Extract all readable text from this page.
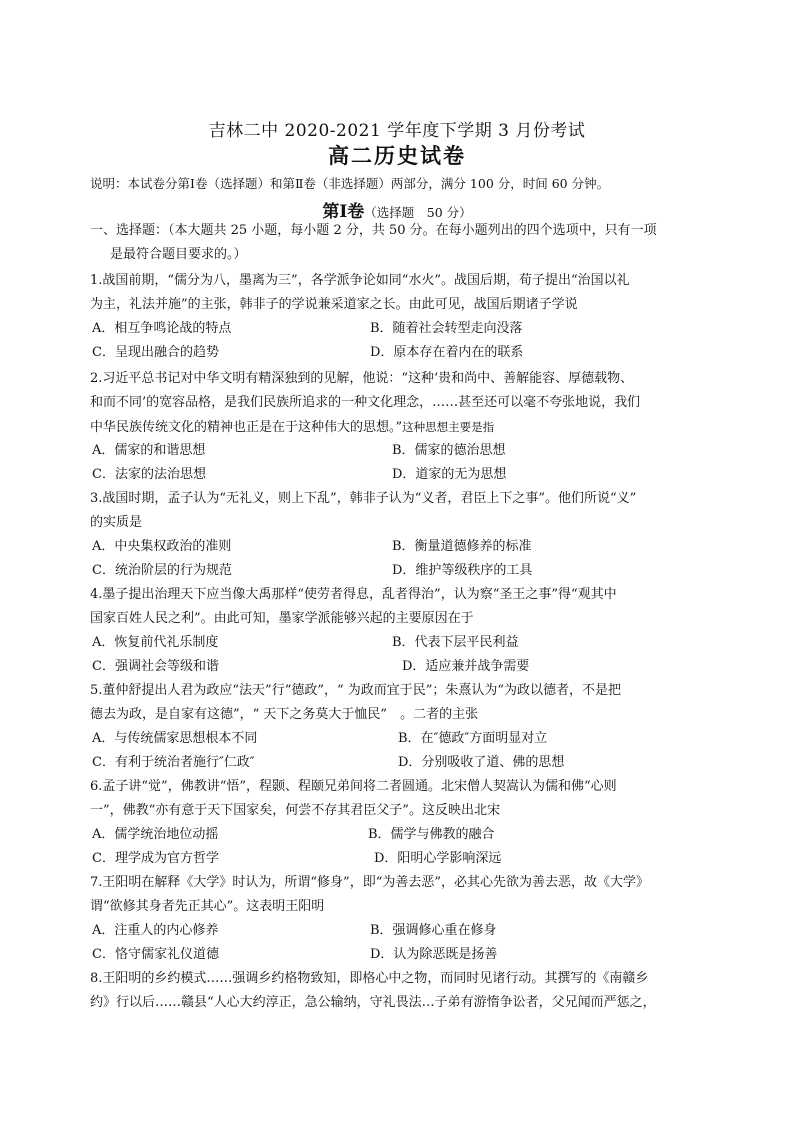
吉林二中 2020-2021 学年度下学期 3 月份考试
高二历史试卷
说明：本试卷分第Ⅰ卷（选择题）和第Ⅱ卷（非选择题）两部分，满分 100 分，时间 60 分钟。
第Ⅰ卷（选择题　50 分）
一、选择题：（本大题共 25 小题，每小题 2 分，共 50 分。在每小题列出的四个选项中，只有一项
是最符合题目要求的。）
1.战国前期，“儒分为八，墨离为三”，各学派争论如同“水火”。战国后期，荀子提出“治国以礼
为主，礼法并施”的主张，韩非子的学说兼采道家之长。由此可见，战国后期诸子学说
A．相互争鸣论战的特点	B．随着社会转型走向没落
C．呈现出融合的趋势	D．原本存在着内在的联系
2.习近平总书记对中华文明有精深独到的见解，他说：“这种‘贵和尚中、善解能容、厚德载物、
和而不同’的宽容品格，是我们民族所追求的一种文化理念，……甚至还可以毫不夸张地说，我们
中华民族传统文化的精神也正是在于这种伟大的思想。”这种思想主要是指
A．儒家的和谐思想	B．儒家的德治思想
C．法家的法治思想	D．道家的无为思想
3.战国时期，孟子认为“无礼义，则上下乱”，韩非子认为“义者，君臣上下之事”。他们所说“义”
的实质是
A．中央集权政治的准则	B．衡量道德修养的标准
C．统治阶层的行为规范	D．维护等级秩序的工具
4.墨子提出治理天下应当像大禹那样“使劳者得息，乱者得治”，认为察“圣王之事”得“观其中
国家百姓人民之利”。由此可知，墨家学派能够兴起的主要原因在于
A．恢复前代礼乐制度	B．代表下层平民利益
C．强调社会等级和谐	D．适应兼并战争需要
5.董仲舒提出人君为政应“法天”行“德政”，“ 为政而宜于民”；朱熹认为“为政以德者，不是把
德去为政，是自家有这德”，“ 天下之务莫大于恤民”　。二者的主张
A．与传统儒家思想根本不同	B．在″德政″方面明显对立
C．有利于统治者施行″仁政″	D．分别吸收了道、佛的思想
6.孟子讲“觉”，佛教讲“悟”，程颢、程颐兄弟间将二者圆通。北宋僧人契嵩认为儒和佛“心则
一”，佛教“亦有意于天下国家矣，何尝不存其君臣父子”。这反映出北宋
A．儒学统治地位动摇	B．儒学与佛教的融合
C．理学成为官方哲学	D．阳明心学影响深远
7.王阳明在解释《大学》时认为，所谓“修身”，即“为善去恶”，必其心先欲为善去恶，故《大学》
谓“欲修其身者先正其心”。这表明王阳明
A．注重人的内心修养	B．强调修心重在修身
C．恪守儒家礼仪道德	D．认为除恶既是扬善
8.王阳明的乡约模式……强调乡约格物致知，即格心中之物，而同时见诸行动。其撰写的《南赣乡
约》行以后……赣县“人心大约淳正，急公输纳，守礼畏法…子弟有游惰争讼者，父兄闻而严惩之，
